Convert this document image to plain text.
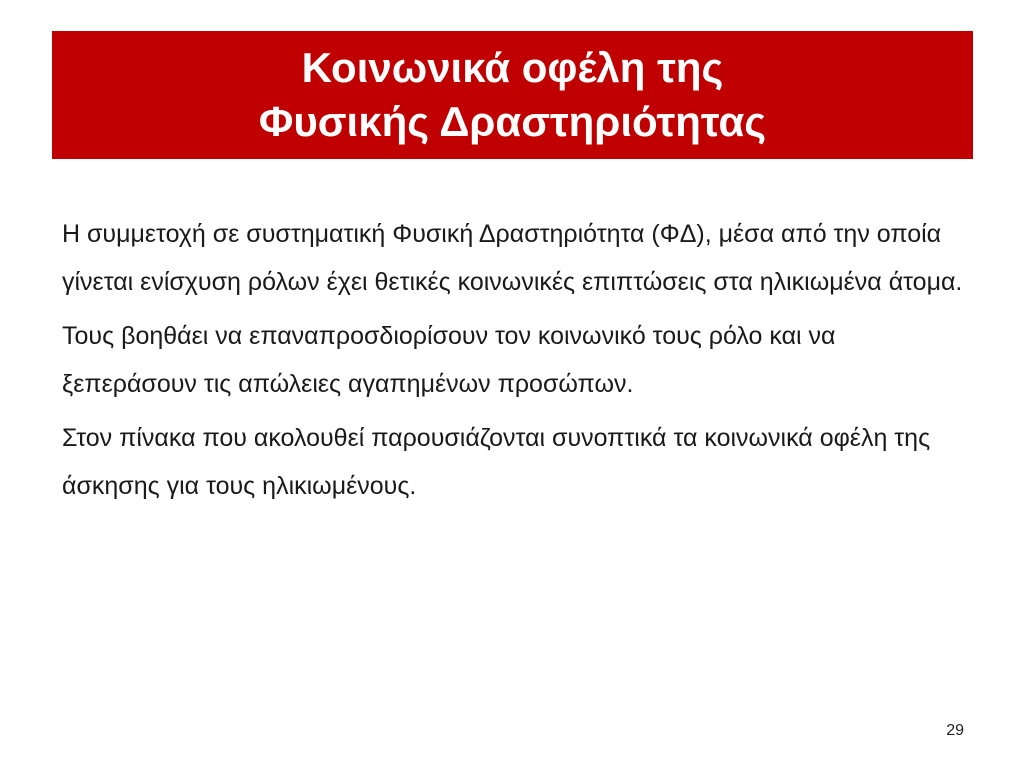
Κοινωνικά οφέλη της
Φυσικής Δραστηριότητας

Η συμμετοχή σε συστηματική Φυσική Δραστηριότητα (ΦΔ), μέσα από την οποία γίνεται ενίσχυση ρόλων έχει θετικές κοινωνικές επιπτώσεις στα ηλικιωμένα άτομα.

Τους βοηθάει να επαναπροσδιορίσουν τον κοινωνικό τους ρόλο και να ξεπεράσουν τις απώλειες αγαπημένων προσώπων.

Στον πίνακα που ακολουθεί παρουσιάζονται συνοπτικά τα κοινωνικά οφέλη της άσκησης για τους ηλικιωμένους.

29
